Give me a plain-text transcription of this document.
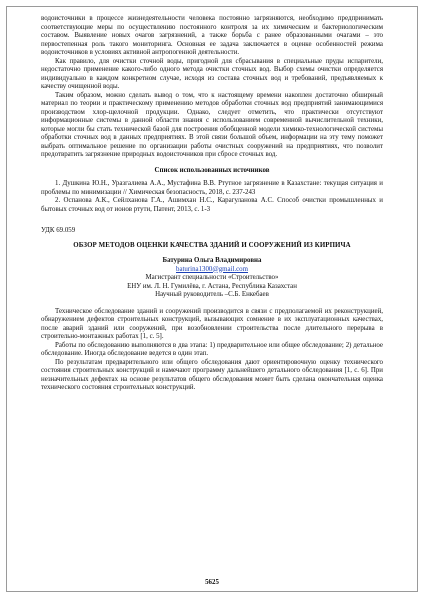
водоисточники в процессе жизнедеятельности человека постоянно загрязняются, необходимо предпринимать соответствующие меры по осуществлению постоянного контроля за их химическим и бактериологическим составом. Выявление новых очагов загрязнений, а также борьба с ранее образованными очагами – это первостепенная роль такого мониторинга. Основная ее задача заключается в оценке особенностей режима водоисточников в условиях активной антропогенной деятельности.

Как правило, для очистки сточной воды, пригодной для сбрасывания в специальные пруды испарители, недостаточно применение какого-либо одного метода очистки сточных вод. Выбор схемы очистки определяется индивидуально в каждом конкретном случае, исходя из состава сточных вод и требований, предъявляемых к качеству очищенной воды.

Таким образом, можно сделать вывод о том, что к настоящему времени накоплен достаточно обширный материал по теории и практическому применению методов обработки сточных вод предприятий занимающимися производством хлор-щелочной продукции. Однако, следует отметить, что практически отсутствуют информационные системы в данной области знания с использованием современной вычислительной техники, которые могли бы стать технической базой для построения обобщенной модели химико-технологической системы обработки сточных вод в данных предприятиях. В этой связи большой объем, информации на эту тему поможет выбрать оптимальное решение по организации работы очистных сооружений на предприятиях, что позволит предотвратить загрязнение природных водоисточников при сбросе сточных вод.

Список использованных источников

1. Душкина Ю.Н., Уразгалиева А.А., Мустафина В.В. Ртутное загрязнение в Казахстане: текущая ситуация и проблемы по минимизации // Химическая безопасность, 2018, с. 237-243

2. Оспанова А.К., Сейлханова Г.А., Ашимхан Н.С., Карагуланова А.С. Способ очистки промышленных и бытовых сточных вод от ионов ртути, Патент, 2013, с. 1-3

УДК 69.059

ОБЗОР МЕТОДОВ ОЦЕНКИ КАЧЕСТВА ЗДАНИЙ И СООРУЖЕНИЙ ИЗ КИРПИЧА
Батурина Ольга Владимировна
baturina1300@gmail.com
Магистрант специальности «Строительство»
ЕНУ им. Л. Н. Гумилёва, г. Астана, Республика Казахстан
Научный руководитель –С.Б. Енкебаев

Техническое обследование зданий и сооружений производится в связи с предполагаемой их реконструкцией, обнаружением дефектов строительных конструкций, вызывающих сомнение в их эксплуатационных качествах, после аварий зданий или сооружений, при возобновлении строительства после длительного перерыва в строительно-монтажных работах [1, с. 5].

Работы по обследованию выполняются в два этапа: 1) предварительное или общее обследование; 2) детальное обследование. Иногда обследование ведется в один этап.

По результатам предварительного или общего обследования дают ориентировочную оценку технического состояния строительных конструкций и намечают программу дальнейшего детального обследования [1, с. 6]. При незначительных дефектах на основе результатов общего обследования может быть сделана окончательная оценка технического состояния строительных конструкций.

5625
